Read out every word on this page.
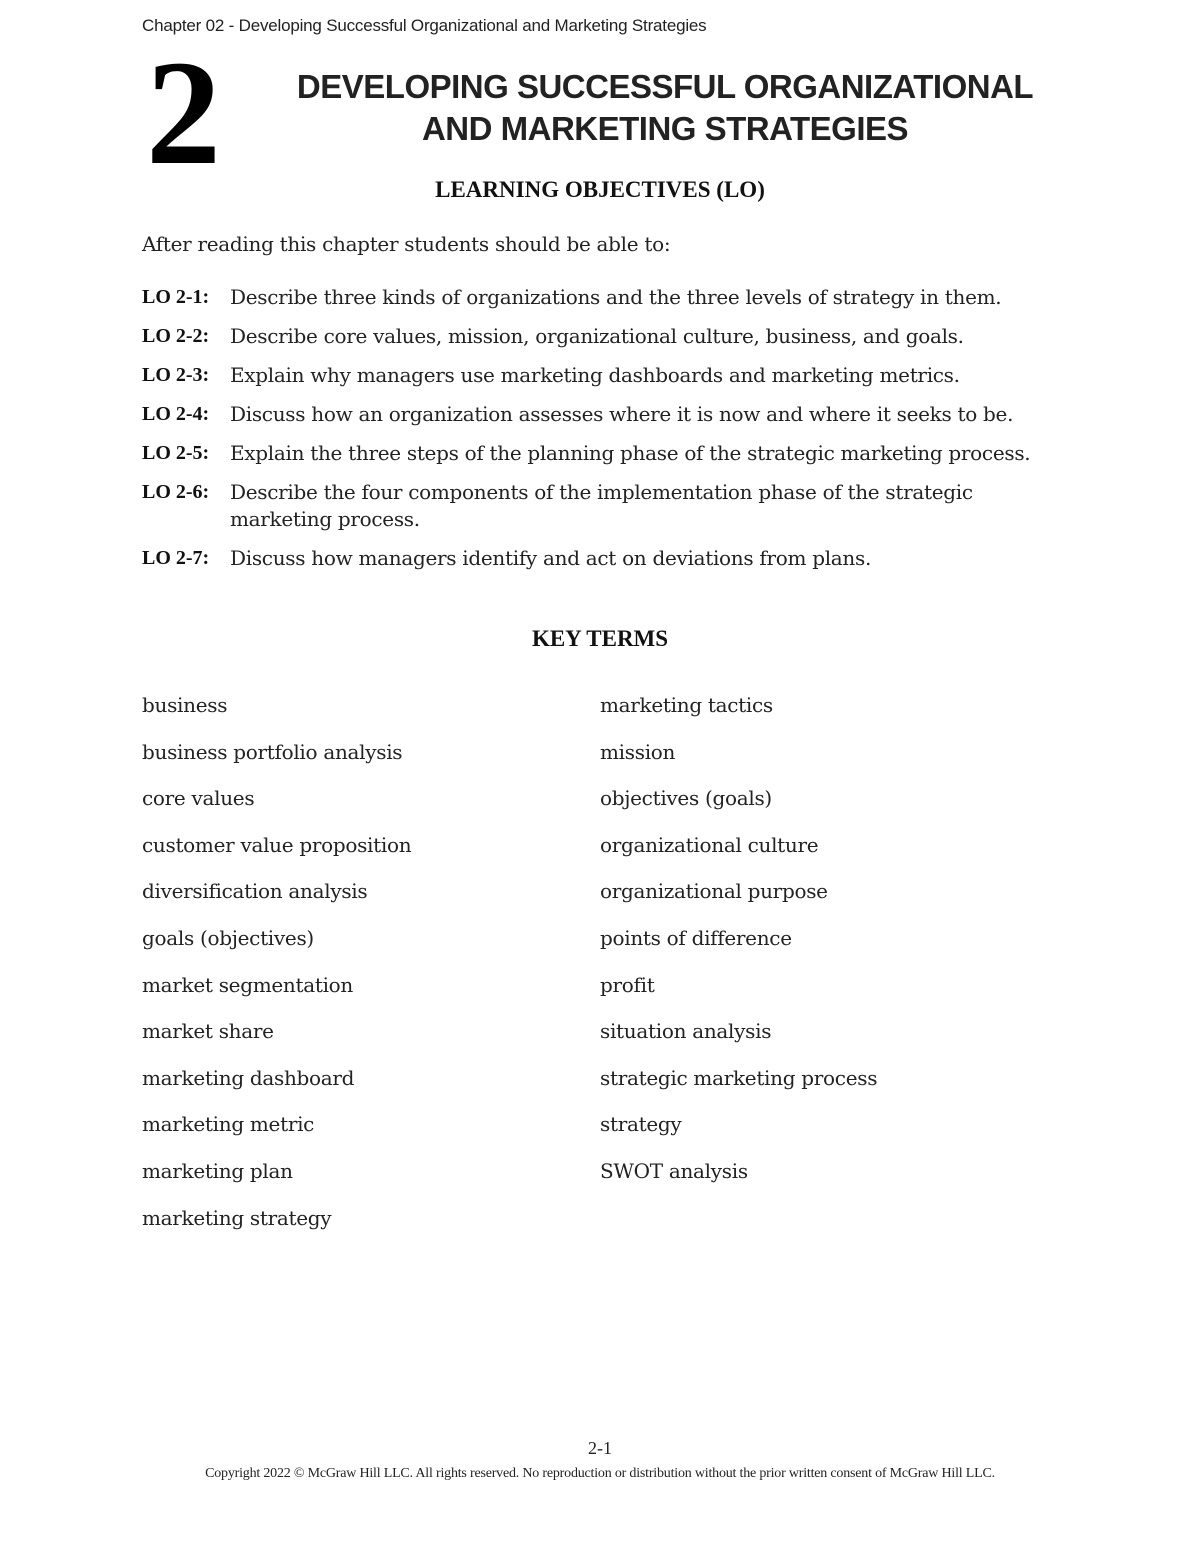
Chapter 02 - Developing Successful Organizational and Marketing Strategies
2	DEVELOPING SUCCESSFUL ORGANIZATIONAL
AND MARKETING STRATEGIES
LEARNING OBJECTIVES (LO)
After reading this chapter students should be able to:
LO 2-1:	Describe three kinds of organizations and the three levels of strategy in them.
LO 2-2:	Describe core values, mission, organizational culture, business, and goals.
LO 2-3:	Explain why managers use marketing dashboards and marketing metrics.
LO 2-4:	Discuss how an organization assesses where it is now and where it seeks to be.
LO 2-5:	Explain the three steps of the planning phase of the strategic marketing process.
LO 2-6:	Describe the four components of the implementation phase of the strategic marketing process.
LO 2-7:	Discuss how managers identify and act on deviations from plans.
KEY TERMS
business
business portfolio analysis
core values
customer value proposition
diversification analysis
goals (objectives)
market segmentation
market share
marketing dashboard
marketing metric
marketing plan
marketing strategy
marketing tactics
mission
objectives (goals)
organizational culture
organizational purpose
points of difference
profit
situation analysis
strategic marketing process
strategy
SWOT analysis
2-1
Copyright 2022 © McGraw Hill LLC. All rights reserved. No reproduction or distribution without the prior written consent of McGraw Hill LLC.
